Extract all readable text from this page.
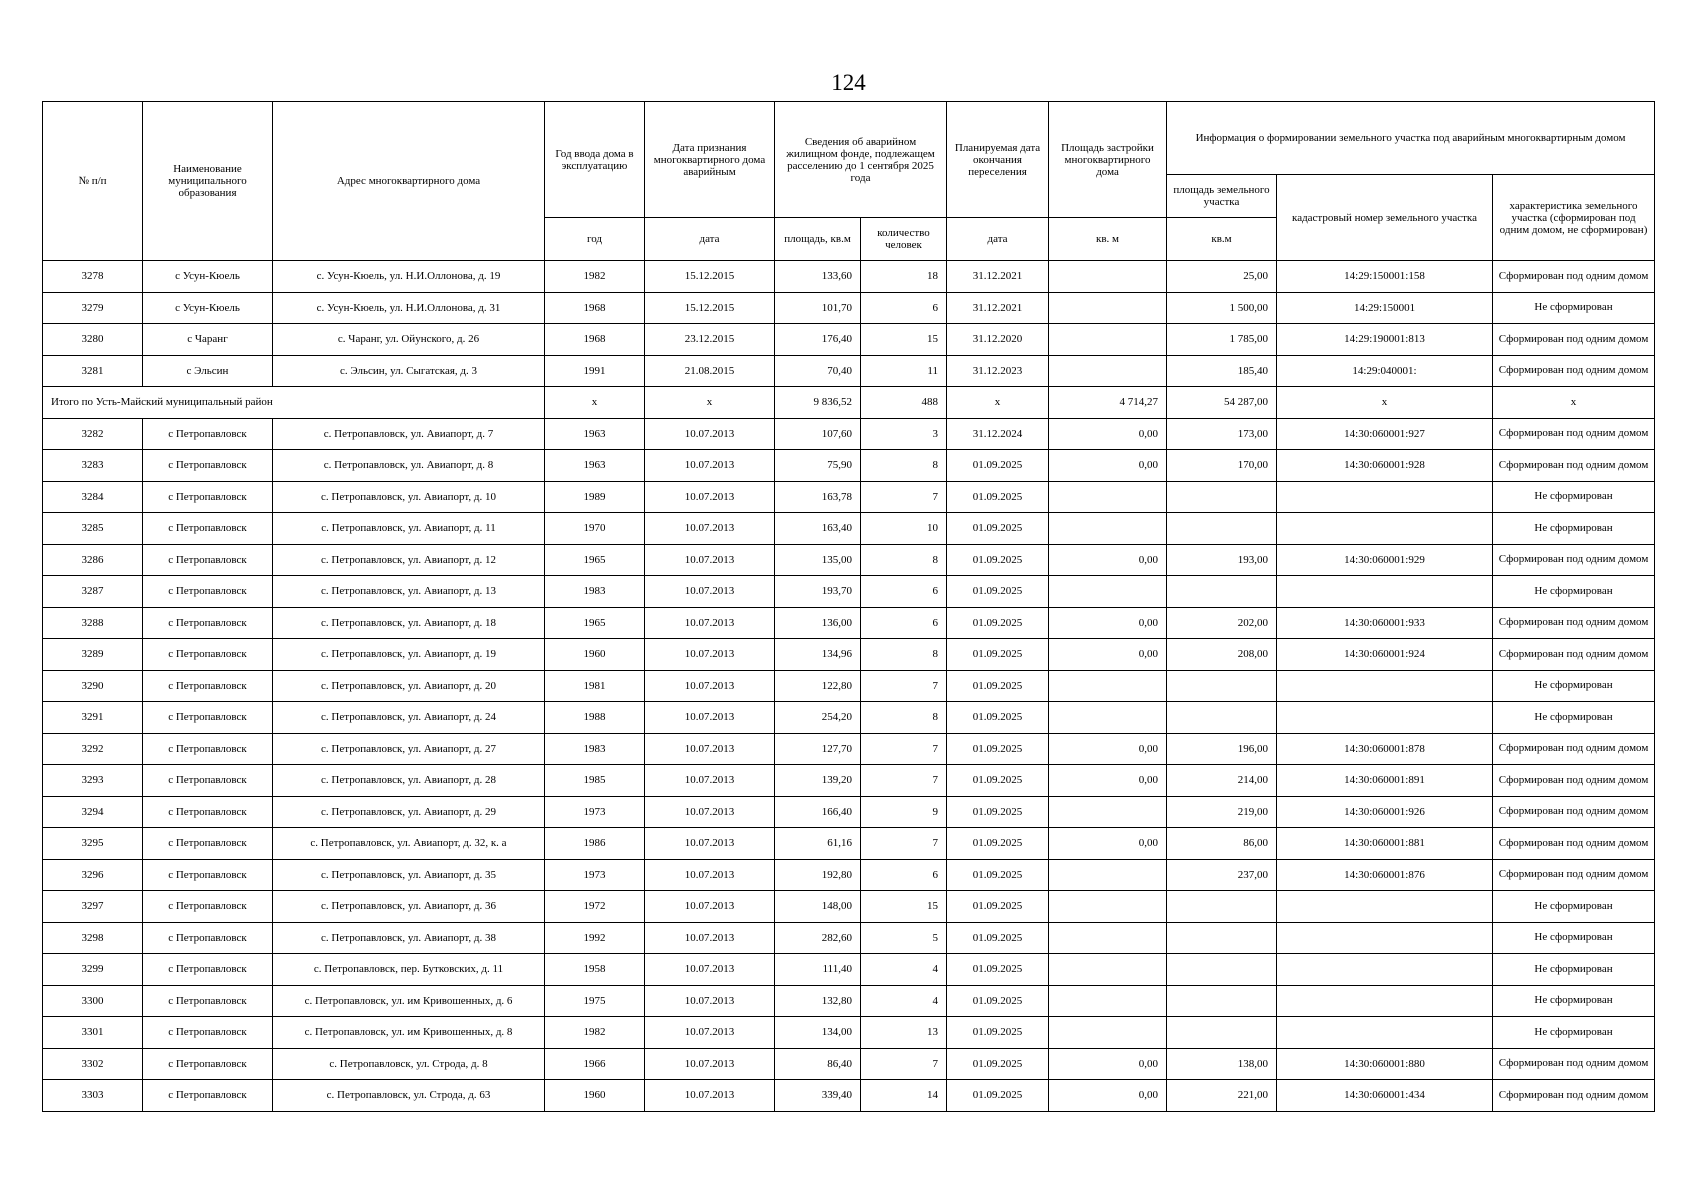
124
№ п/п	Наименование муниципального образования	Адрес многоквартирного дома	Год ввода дома в эксплуатацию	Дата признания многоквартирного дома аварийным	Сведения об аварийном жилищном фонде, подлежащем расселению до 1 сентября 2025 года		Планируемая дата окончания переселения	Площадь застройки многоквартирного дома	Информация о формировании земельного участка под аварийным многоквартирным домом		
									площадь земельного участка	кадастровый номер земельного участка	характеристика земельного участка (сформирован под одним домом, не сформирован)
			год	дата	площадь, кв.м	количество человек	дата	кв. м	кв.м		
3278	с Усун-Кюель	с. Усун-Кюель, ул. Н.И.Оллонова, д. 19	1982	15.12.2015	133,60	18	31.12.2021		25,00	14:29:150001:158	Сформирован под одним домом
3279	с Усун-Кюель	с. Усун-Кюель, ул. Н.И.Оллонова, д. 31	1968	15.12.2015	101,70	6	31.12.2021		1 500,00	14:29:150001	Не сформирован
3280	с Чаранг	с. Чаранг, ул. Ойунского, д. 26	1968	23.12.2015	176,40	15	31.12.2020		1 785,00	14:29:190001:813	Сформирован под одним домом
3281	с Эльсин	с. Эльсин, ул. Сыгатская, д. 3	1991	21.08.2015	70,40	11	31.12.2023		185,40	14:29:040001:	Сформирован под одним домом
Итого по Усть-Майский муниципальный район			x	x	9 836,52	488	x	4 714,27	54 287,00	x	x
3282	с Петропавловск	с. Петропавловск, ул. Авиапорт, д. 7	1963	10.07.2013	107,60	3	31.12.2024	0,00	173,00	14:30:060001:927	Сформирован под одним домом
3283	с Петропавловск	с. Петропавловск, ул. Авиапорт, д. 8	1963	10.07.2013	75,90	8	01.09.2025	0,00	170,00	14:30:060001:928	Сформирован под одним домом
3284	с Петропавловск	с. Петропавловск, ул. Авиапорт, д. 10	1989	10.07.2013	163,78	7	01.09.2025				Не сформирован
3285	с Петропавловск	с. Петропавловск, ул. Авиапорт, д. 11	1970	10.07.2013	163,40	10	01.09.2025				Не сформирован
3286	с Петропавловск	с. Петропавловск, ул. Авиапорт, д. 12	1965	10.07.2013	135,00	8	01.09.2025	0,00	193,00	14:30:060001:929	Сформирован под одним домом
3287	с Петропавловск	с. Петропавловск, ул. Авиапорт, д. 13	1983	10.07.2013	193,70	6	01.09.2025				Не сформирован
3288	с Петропавловск	с. Петропавловск, ул. Авиапорт, д. 18	1965	10.07.2013	136,00	6	01.09.2025	0,00	202,00	14:30:060001:933	Сформирован под одним домом
3289	с Петропавловск	с. Петропавловск, ул. Авиапорт, д. 19	1960	10.07.2013	134,96	8	01.09.2025	0,00	208,00	14:30:060001:924	Сформирован под одним домом
3290	с Петропавловск	с. Петропавловск, ул. Авиапорт, д. 20	1981	10.07.2013	122,80	7	01.09.2025				Не сформирован
3291	с Петропавловск	с. Петропавловск, ул. Авиапорт, д. 24	1988	10.07.2013	254,20	8	01.09.2025				Не сформирован
3292	с Петропавловск	с. Петропавловск, ул. Авиапорт, д. 27	1983	10.07.2013	127,70	7	01.09.2025	0,00	196,00	14:30:060001:878	Сформирован под одним домом
3293	с Петропавловск	с. Петропавловск, ул. Авиапорт, д. 28	1985	10.07.2013	139,20	7	01.09.2025	0,00	214,00	14:30:060001:891	Сформирован под одним домом
3294	с Петропавловск	с. Петропавловск, ул. Авиапорт, д. 29	1973	10.07.2013	166,40	9	01.09.2025		219,00	14:30:060001:926	Сформирован под одним домом
3295	с Петропавловск	с. Петропавловск, ул. Авиапорт, д. 32, к. а	1986	10.07.2013	61,16	7	01.09.2025	0,00	86,00	14:30:060001:881	Сформирован под одним домом
3296	с Петропавловск	с. Петропавловск, ул. Авиапорт, д. 35	1973	10.07.2013	192,80	6	01.09.2025		237,00	14:30:060001:876	Сформирован под одним домом
3297	с Петропавловск	с. Петропавловск, ул. Авиапорт, д. 36	1972	10.07.2013	148,00	15	01.09.2025				Не сформирован
3298	с Петропавловск	с. Петропавловск, ул. Авиапорт, д. 38	1992	10.07.2013	282,60	5	01.09.2025				Не сформирован
3299	с Петропавловск	с. Петропавловск, пер. Бутковских, д. 11	1958	10.07.2013	111,40	4	01.09.2025				Не сформирован
3300	с Петропавловск	с. Петропавловск, ул. им Кривошенных, д. 6	1975	10.07.2013	132,80	4	01.09.2025				Не сформирован
3301	с Петропавловск	с. Петропавловск, ул. им Кривошенных, д. 8	1982	10.07.2013	134,00	13	01.09.2025				Не сформирован
3302	с Петропавловск	с. Петропавловск, ул. Строда, д. 8	1966	10.07.2013	86,40	7	01.09.2025	0,00	138,00	14:30:060001:880	Сформирован под одним домом
3303	с Петропавловск	с. Петропавловск, ул. Строда, д. 63	1960	10.07.2013	339,40	14	01.09.2025	0,00	221,00	14:30:060001:434	Сформирован под одним домом
